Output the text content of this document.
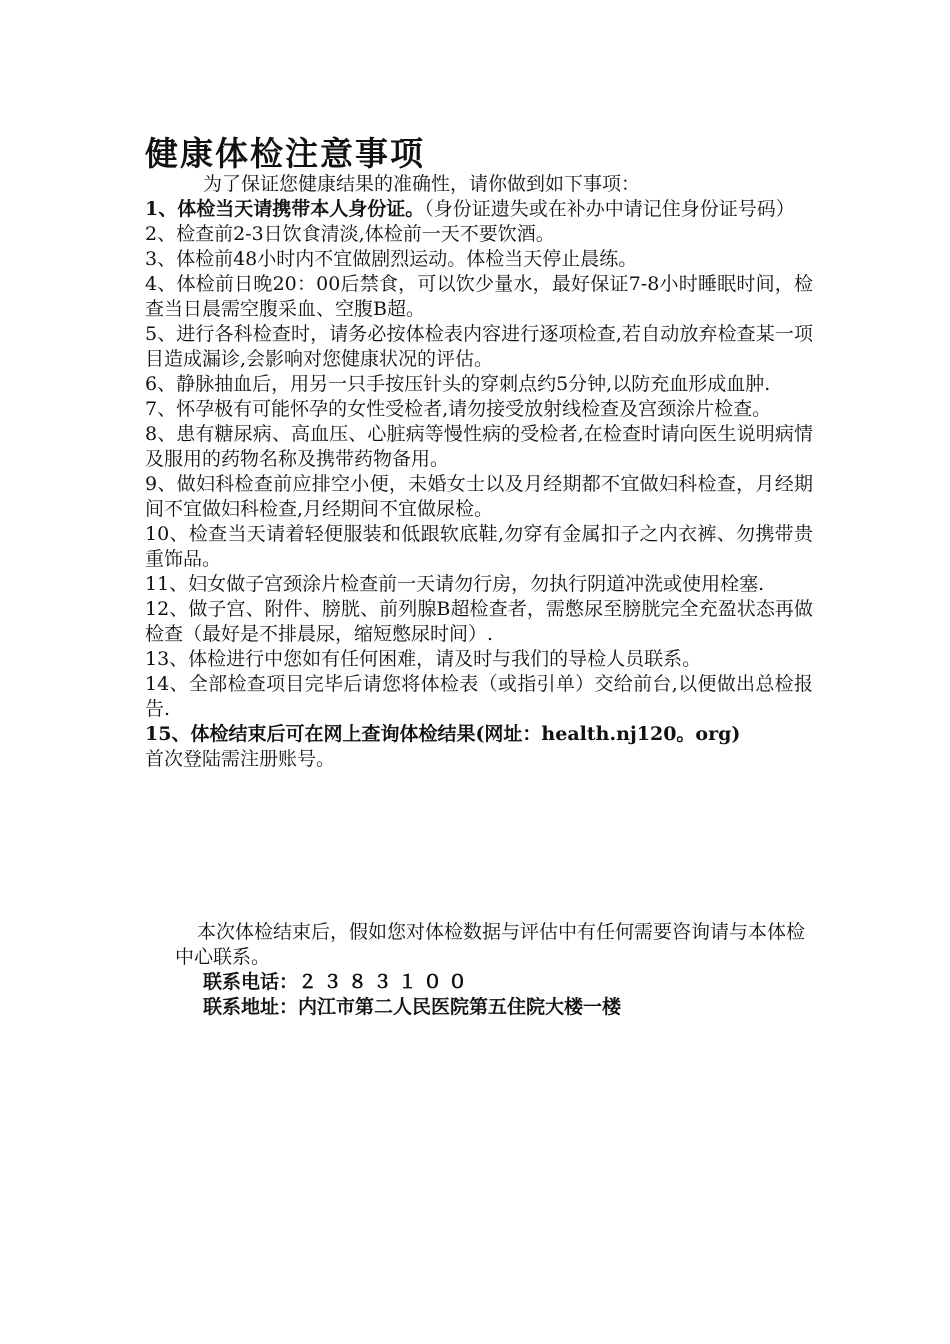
健康体检注意事项

为了保证您健康结果的准确性，请你做到如下事项：

1、体检当天请携带本人身份证。（身份证遗失或在补办中请记住身份证号码）

2、检查前2-3日饮食清淡,体检前一天不要饮酒。

3、体检前48小时内不宜做剧烈运动。体检当天停止晨练。

4、体检前日晚20：00后禁食，可以饮少量水，最好保证7-8小时睡眠时间，检查当日晨需空腹采血、空腹B超。

5、进行各科检查时，请务必按体检表内容进行逐项检查,若自动放弃检查某一项目造成漏诊,会影响对您健康状况的评估。

6、静脉抽血后，用另一只手按压针头的穿刺点约5分钟,以防充血形成血肿.

7、怀孕极有可能怀孕的女性受检者,请勿接受放射线检查及宫颈涂片检查。

8、患有糖尿病、高血压、心脏病等慢性病的受检者,在检查时请向医生说明病情及服用的药物名称及携带药物备用。

9、做妇科检查前应排空小便，未婚女士以及月经期都不宜做妇科检查，月经期间不宜做妇科检查,月经期间不宜做尿检。

10、检查当天请着轻便服装和低跟软底鞋,勿穿有金属扣子之内衣裤、勿携带贵重饰品。

11、妇女做子宫颈涂片检查前一天请勿行房，勿执行阴道冲洗或使用栓塞.

12、做子宫、附件、膀胱、前列腺B超检查者，需憋尿至膀胱完全充盈状态再做检查（最好是不排晨尿，缩短憋尿时间）.

13、体检进行中您如有任何困难，请及时与我们的导检人员联系。

14、全部检查项目完毕后请您将体检表（或指引单）交给前台,以便做出总检报告.

15、体检结束后可在网上查询体检结果(网址：health.nj120。org)
首次登陆需注册账号。

本次体检结束后，假如您对体检数据与评估中有任何需要咨询请与本体检中心联系。

联系电话：２３８３１００

联系地址：内江市第二人民医院第五住院大楼一楼
